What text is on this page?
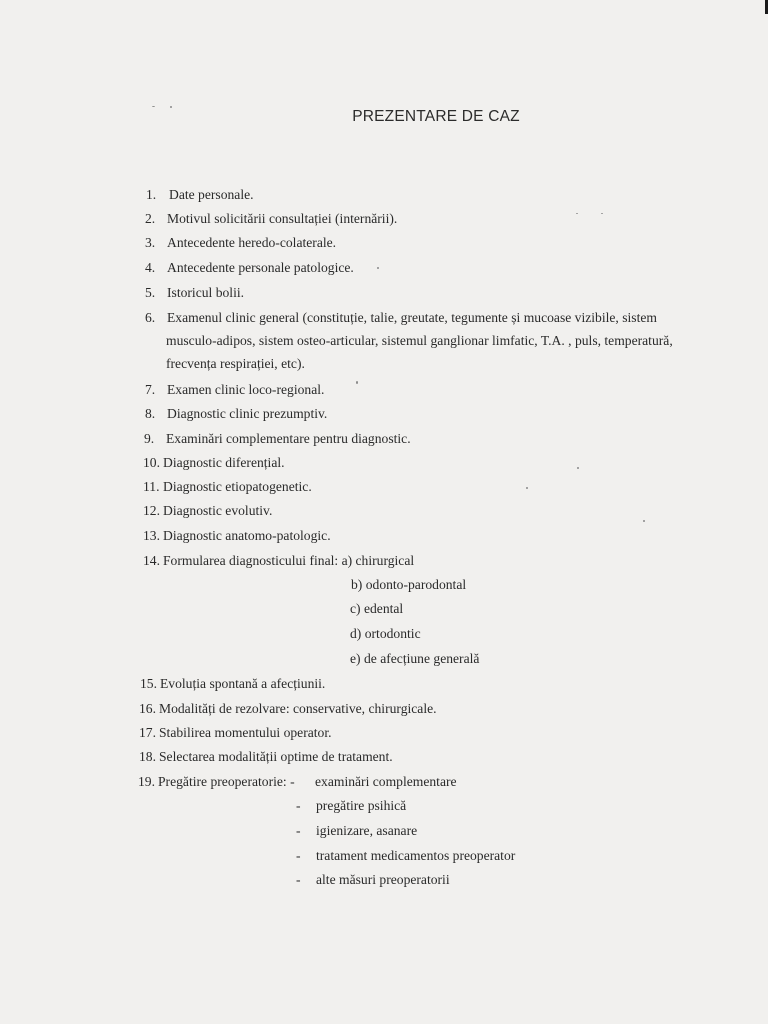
PREZENTARE DE CAZ
1. Date personale.
2. Motivul solicitării consultației (internării).
3. Antecedente heredo-colaterale.
4. Antecedente personale patologice.
5. Istoricul bolii.
6. Examenul clinic general (constituție, talie, greutate, tegumente și mucoase vizibile, sistem
musculo-adipos, sistem osteo-articular, sistemul ganglionar limfatic, T.A. , puls, temperatură,
frecvența respirației, etc).
7. Examen clinic loco-regional.
8. Diagnostic clinic prezumptiv.
9. Examinări complementare pentru diagnostic.
10. Diagnostic diferențial.
11. Diagnostic etiopatogenetic.
12. Diagnostic evolutiv.
13. Diagnostic anatomo-patologic.
14. Formularea diagnosticului final: a) chirurgical
b) odonto-parodontal
c) edental
d) ortodontic
e) de afecțiune generală
15. Evoluția spontană a afecțiunii.
16. Modalități de rezolvare: conservative, chirurgicale.
17. Stabilirea momentului operator.
18. Selectarea modalității optime de tratament.
19. Pregătire preoperatorie: - examinări complementare
- pregătire psihică
- igienizare, asanare
- tratament medicamentos preoperator
- alte măsuri preoperatorii
